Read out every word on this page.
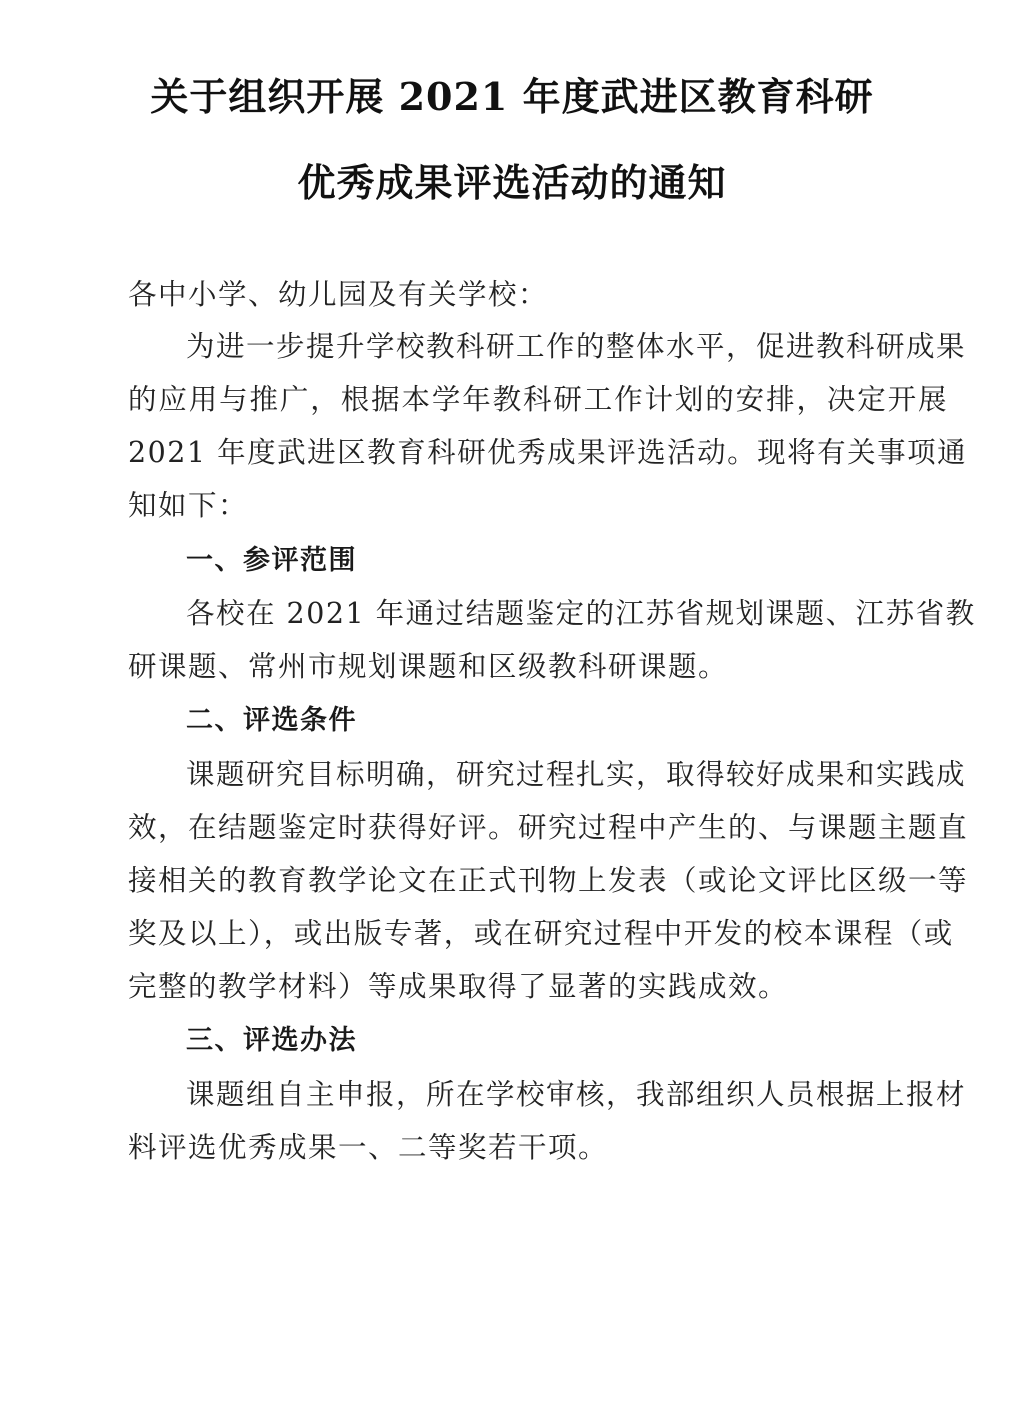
关于组织开展 2021 年度武进区教育科研
优秀成果评选活动的通知
各中小学、幼儿园及有关学校：
为进一步提升学校教科研工作的整体水平，促进教科研成果
的应用与推广，根据本学年教科研工作计划的安排，决定开展
2021 年度武进区教育科研优秀成果评选活动。现将有关事项通
知如下：
一、参评范围
各校在 2021 年通过结题鉴定的江苏省规划课题、江苏省教
研课题、常州市规划课题和区级教科研课题。
二、评选条件
课题研究目标明确，研究过程扎实，取得较好成果和实践成
效，在结题鉴定时获得好评。研究过程中产生的、与课题主题直
接相关的教育教学论文在正式刊物上发表（或论文评比区级一等
奖及以上），或出版专著，或在研究过程中开发的校本课程（或
完整的教学材料）等成果取得了显著的实践成效。
三、评选办法
课题组自主申报，所在学校审核，我部组织人员根据上报材
料评选优秀成果一、二等奖若干项。
